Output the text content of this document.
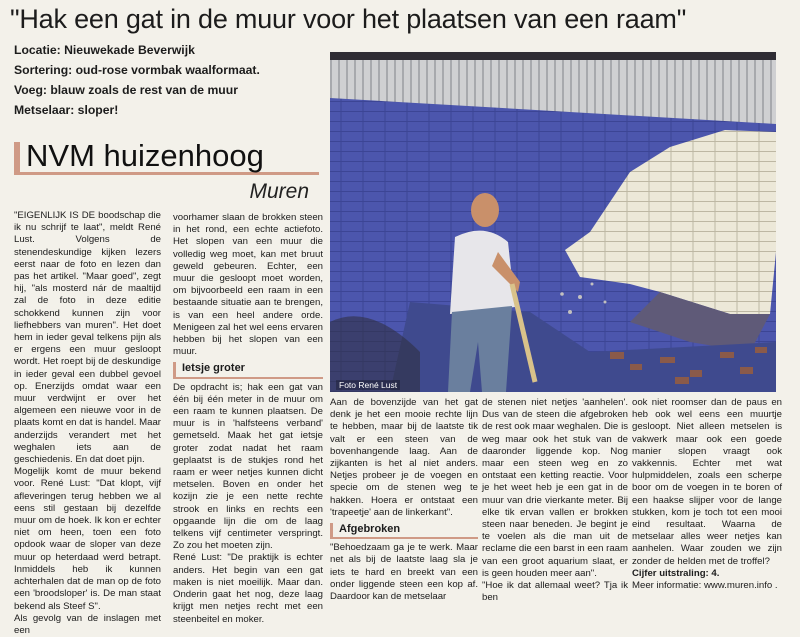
"Hak een gat in de muur voor het plaatsen van een raam"
Locatie: Nieuwekade Beverwijk
Sortering: oud-rose vormbak waalformaat.
Voeg: blauw zoals de rest van de muur
Metselaar: sloper!
NVM huizenhoog
Muren
Foto René Lust

"EIGENLIJK IS DE boodschap die ik nu schrijf te laat", meldt René Lust. Volgens de stenendeskundige kijken lezers eerst naar de foto en lezen dan pas het artikel. "Maar goed", zegt hij, "als mosterd nár de maaltijd zal de foto in deze editie schokkend kunnen zijn voor liefhebbers van muren". Het doet hem in ieder geval telkens pijn als er ergens een muur gesloopt wordt. Het roept bij de deskundige in ieder geval een dubbel gevoel op. Enerzijds omdat waar een muur verdwijnt er over het algemeen een nieuwe voor in de plaats komt en dat is handel. Maar anderzijds verandert met het weghalen iets aan de geschiedenis. En dat doet pijn.

Mogelijk komt de muur bekend voor. René Lust: "Dat klopt, vijf afleveringen terug hebben we al eens stil gestaan bij dezelfde muur om de hoek. Ik kon er echter niet om heen, toen een foto opdook waar de sloper van deze muur op heterdaad werd betrapt. Inmiddels heb ik kunnen achterhalen dat de man op de foto een 'broodsloper' is. De man staat bekend als Steef S".

Als gevolg van de inslagen met een

voorhamer slaan de brokken steen in het rond, een echte actiefoto. Het slopen van een muur die volledig weg moet, kan met bruut geweld gebeuren. Echter, een muur die gesloopt moet worden, om bijvoorbeeld een raam in een bestaande situatie aan te brengen, is van een heel andere orde. Menigeen zal het wel eens ervaren hebben bij het slopen van een muur.

Ietsje groter

De opdracht is; hak een gat van één bij één meter in de muur om een raam te kunnen plaatsen. De muur is in 'halfsteens verband' gemetseld. Maak het gat ietsje groter zodat nadat het raam geplaatst is de stukjes rond het raam er weer netjes kunnen dicht metselen. Boven en onder het kozijn zie je een nette rechte strook en links en rechts een opgaande lijn die om de laag telkens vijf centimeter verspringt. Zo zou het moeten zijn.

René Lust: "De praktijk is echter anders. Het begin van een gat maken is niet moeilijk. Maar dan. Onderin gaat het nog, deze laag krijgt men netjes recht met een steenbeitel en moker.

Aan de bovenzijde van het gat denk je het een mooie rechte lijn te hebben, maar bij de laatste tik valt er een steen van de bovenhangende laag. Aan de zijkanten is het al niet anders. Netjes probeer je de voegen en specie om de stenen weg te hakken. Hoera er ontstaat een 'trapeetje' aan de linkerkant".

Afgebroken

"Behoedzaam ga je te werk. Maar net als bij de laatste laag sla je iets te hard en breekt van een onder liggende steen een kop af. Daardoor kan de metselaar

de stenen niet netjes 'aanhelen'. Dus van de steen die afgebroken de rest ook maar weghalen. Die is weg maar ook het stuk van de daaronder liggende kop. Nog maar een steen weg en zo ontstaat een ketting reactie. Voor je het weet heb je een gat in de muur van drie vierkante meter. Bij elke tik ervan vallen er brokken steen naar beneden. Je begint je te voelen als die man uit de reclame die een barst in een raam van een groot aquarium slaat, er is geen houden meer aan".

"Hoe ik dat allemaal weet? Tja ik ben

ook niet roomser dan de paus en heb ook wel eens een muurtje gesloopt. Niet alleen metselen is vakwerk maar ook een goede manier slopen vraagt ook vakkennis. Echter met wat hulpmiddelen, zoals een scherpe boor om de voegen in te boren of een haakse slijper voor de lange stukken, kom je toch tot een mooi eind resultaat. Waarna de metselaar alles weer netjes kan aanhelen. Waar zouden we zijn zonder de helden met de troffel?

Cijfer uitstraling: 4.

Meer informatie: www.muren.info .
